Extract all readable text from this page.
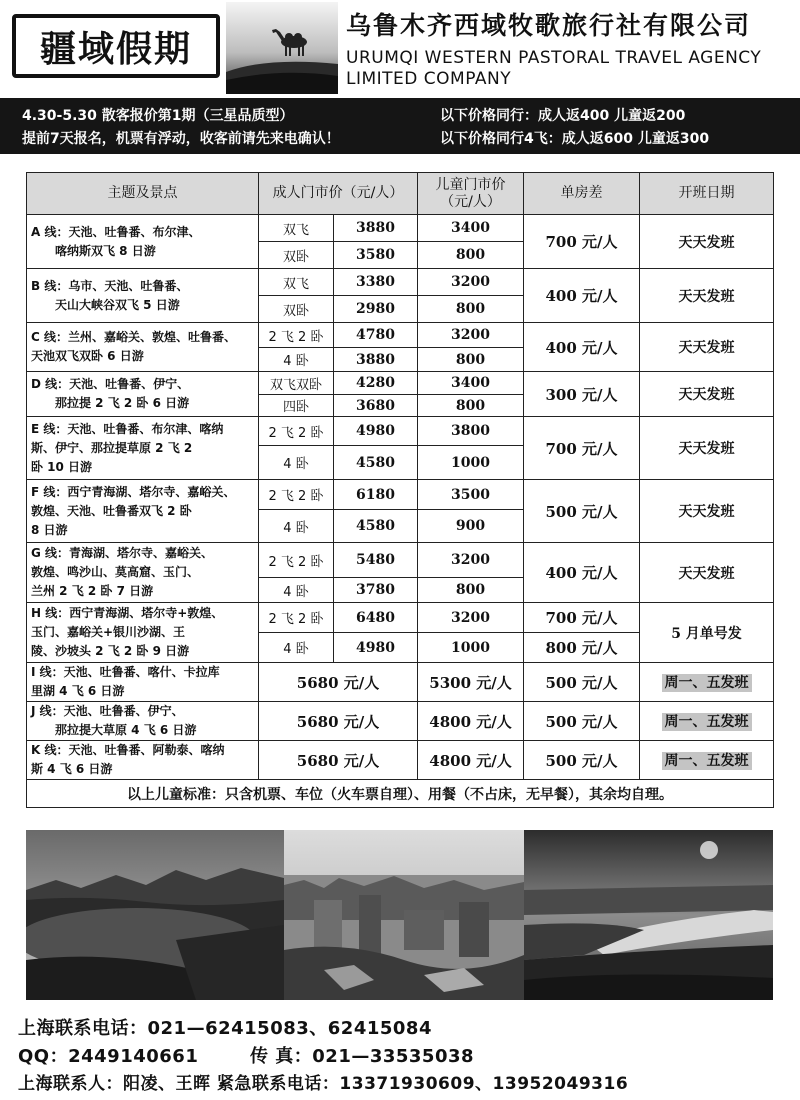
疆域假期
乌鲁木齐西域牧歌旅行社有限公司
URUMQI WESTERN PASTORAL TRAVEL AGENCY
LIMITED COMPANY
4.30-5.30 散客报价第1期（三星品质型）
提前7天报名，机票有浮动，收客前请先来电确认！
以下价格同行：成人返400 儿童返200
以下价格同行4飞：成人返600 儿童返300
主题及景点	成人门市价（元/人）		儿童门市价
（元/人）	单房差	开班日期

A 线：天池、吐鲁番、布尔津、
喀纳斯双飞 8 日游	双飞	3880	3400	700 元/人	天天发班
	双卧	3580	800		

B 线：乌市、天池、吐鲁番、
天山大峡谷双飞 5 日游	双飞	3380	3200	400 元/人	天天发班
	双卧	2980	800		

C 线：兰州、嘉峪关、敦煌、吐鲁番、
天池双飞双卧 6 日游	2 飞 2 卧	4780	3200	400 元/人	天天发班
	4 卧	3880	800		

D 线：天池、吐鲁番、伊宁、
那拉提 2 飞 2 卧 6 日游	双飞双卧	4280	3400	300 元/人	天天发班
	四卧	3680	800		

E 线：天池、吐鲁番、布尔津、喀纳
斯、伊宁、那拉提草原 2 飞 2
卧 10 日游	2 飞 2 卧	4980	3800	700 元/人	天天发班
	4 卧	4580	1000		

F 线：西宁青海湖、塔尔寺、嘉峪关、
敦煌、天池、吐鲁番双飞 2 卧
8 日游	2 飞 2 卧	6180	3500	500 元/人	天天发班
	4 卧	4580	900		

G 线：青海湖、塔尔寺、嘉峪关、
敦煌、鸣沙山、莫高窟、玉门、
兰州 2 飞 2 卧 7 日游	2 飞 2 卧	5480	3200	400 元/人	天天发班
	4 卧	3780	800		

H 线：西宁青海湖、塔尔寺+敦煌、
玉门、嘉峪关+银川沙湖、王
陵、沙坡头 2 飞 2 卧 9 日游	2 飞 2 卧	6480	3200	700 元/人	5 月单号发
	4 卧	4980	1000	800 元/人	

I 线：天池、吐鲁番、喀什、卡拉库
里湖 4 飞 6 日游	5680 元/人		5300 元/人	500 元/人	周一、五发班

J 线：天池、吐鲁番、伊宁、
那拉提大草原 4 飞 6 日游	5680 元/人		4800 元/人	500 元/人	周一、五发班

K 线：天池、吐鲁番、阿勒泰、喀纳
斯 4 飞 6 日游	5680 元/人		4800 元/人	500 元/人	周一、五发班
以上儿童标准：只含机票、车位（火车票自理）、用餐（不占床，无早餐），其余均自理。					
上海联系电话：021—62415083、62415084
QQ：2449140661	传 真：021—33535038
上海联系人：阳凌、王晖 紧急联系电话：13371930609、13952049316
